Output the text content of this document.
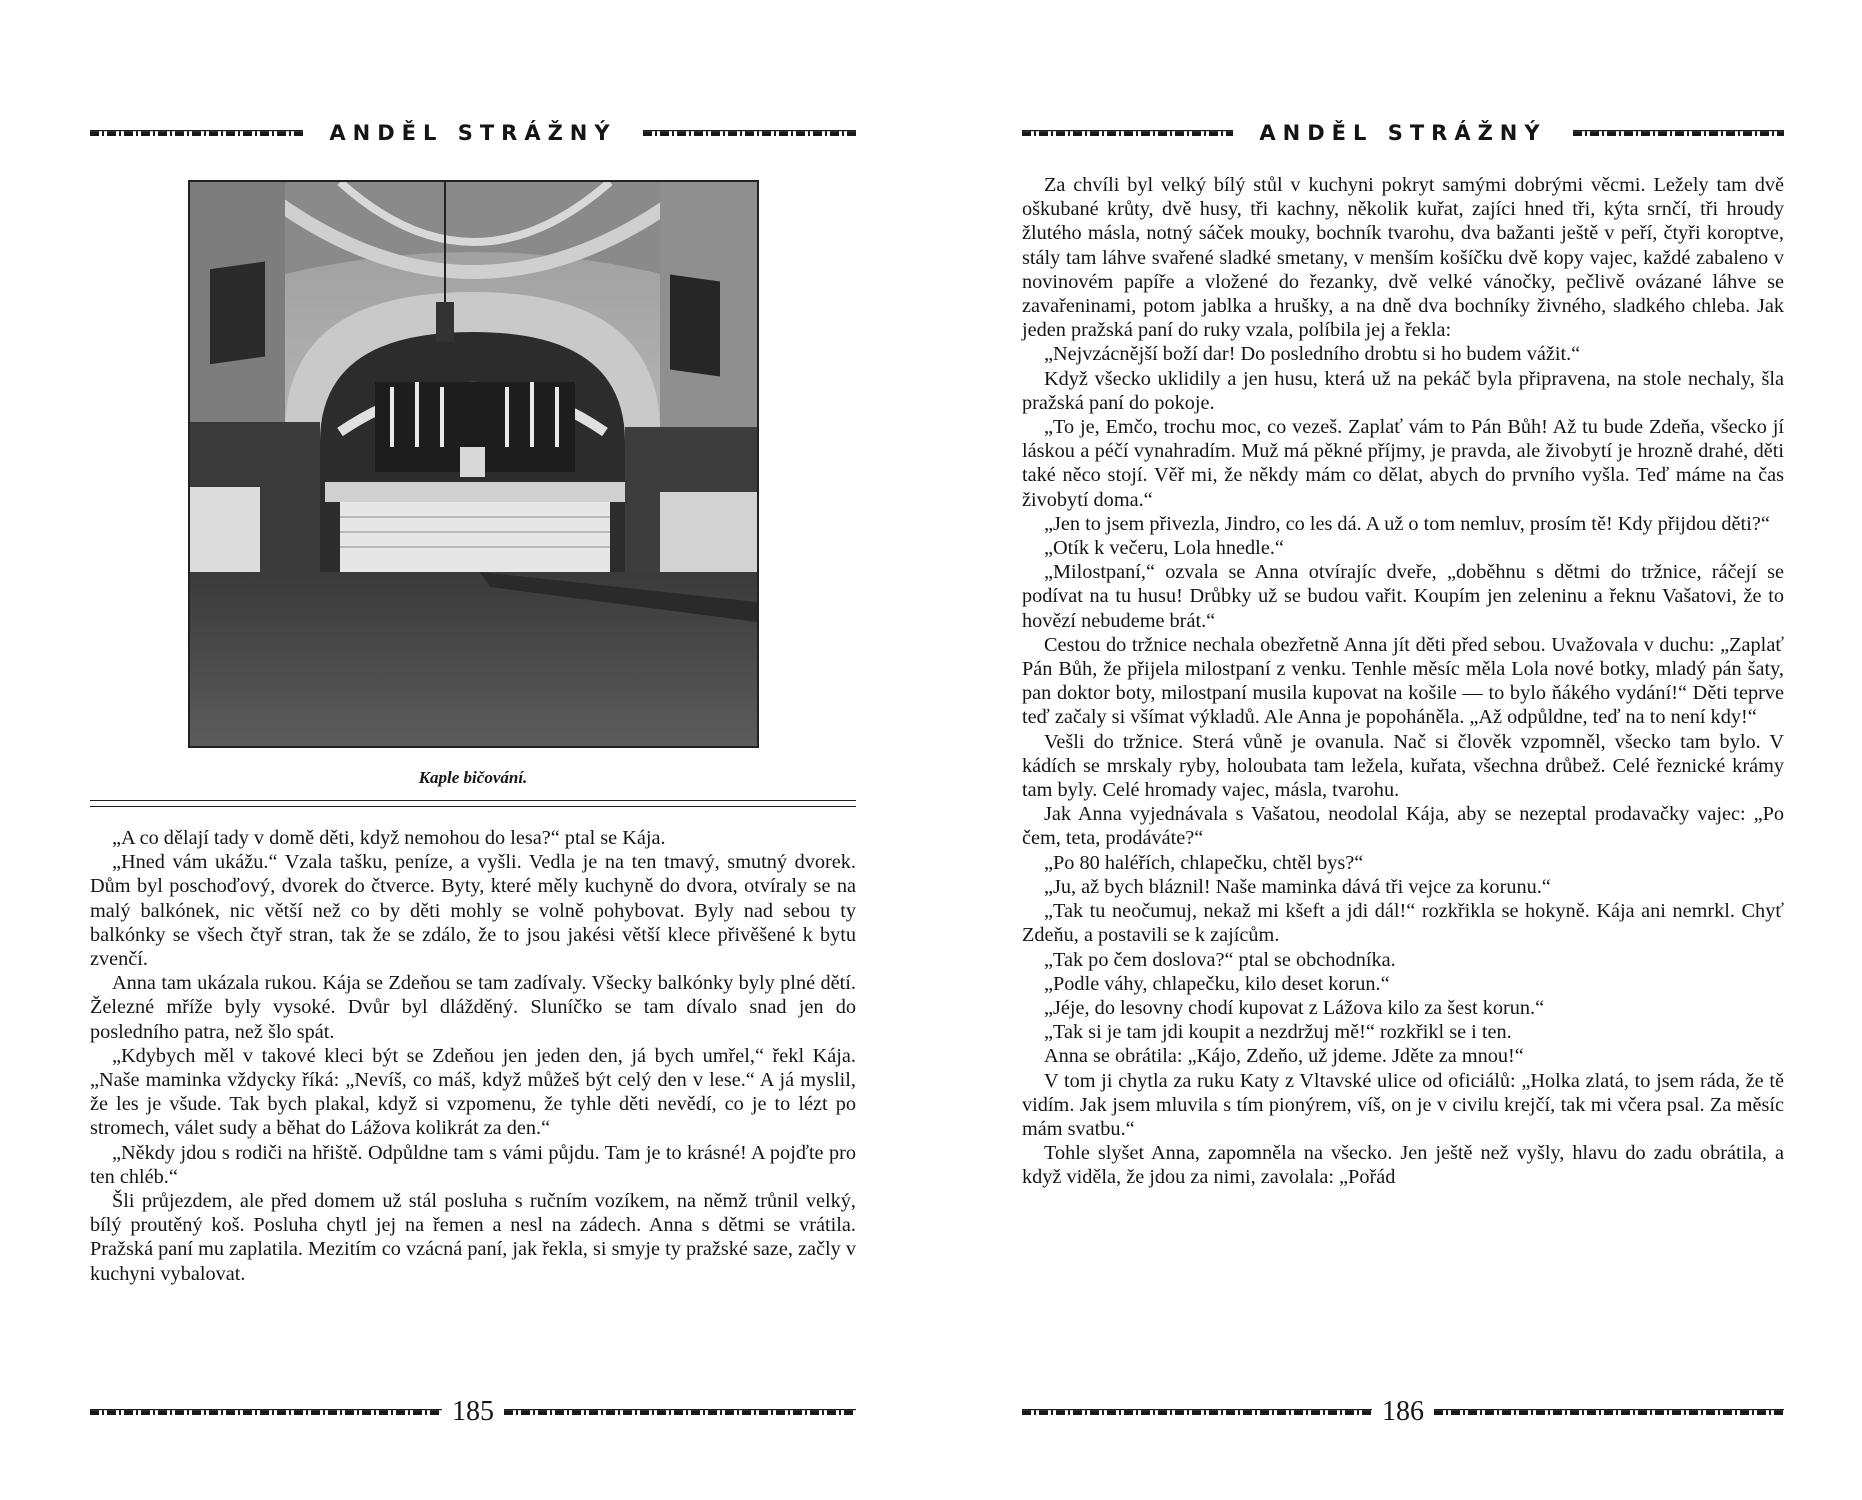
ANDĚL STRÁŽNÝ
Kaple bičování.

„A co dělají tady v domě děti, když nemohou do lesa?“ ptal se Kája.

„Hned vám ukážu.“ Vzala tašku, peníze, a vyšli. Vedla je na ten tmavý, smutný dvorek. Dům byl poschoďový, dvorek do čtverce. Byty, které měly kuchyně do dvora, otvíraly se na malý balkónek, nic větší než co by děti mohly se volně pohybovat. Byly nad sebou ty balkónky se všech čtyř stran, tak že se zdálo, že to jsou jakési větší klece přivěšené k bytu zvenčí.

Anna tam ukázala rukou. Kája se Zdeňou se tam zadívaly. Všecky balkónky byly plné dětí. Železné mříže byly vysoké. Dvůr byl dlážděný. Sluníčko se tam dívalo snad jen do posledního patra, než šlo spát.

„Kdybych měl v takové kleci být se Zdeňou jen jeden den, já bych umřel,“ řekl Kája. „Naše maminka vždycky říká: „Nevíš, co máš, když můžeš být celý den v lese.“ A já myslil, že les je všude. Tak bych plakal, když si vzpomenu, že tyhle děti nevědí, co je to lézt po stromech, válet sudy a běhat do Lážova kolikrát za den.“

„Někdy jdou s rodiči na hřiště. Odpůldne tam s vámi půjdu. Tam je to krásné! A pojďte pro ten chléb.“

Šli průjezdem, ale před domem už stál posluha s ručním vozíkem, na němž trůnil velký, bílý proutěný koš. Posluha chytl jej na řemen a nesl na zádech. Anna s dětmi se vrátila. Pražská paní mu zaplatila. Mezitím co vzácná paní, jak řekla, si smyje ty pražské saze, začly v kuchyni vybalovat.

185
ANDĚL STRÁŽNÝ

Za chvíli byl velký bílý stůl v kuchyni pokryt samými dobrými věcmi. Ležely tam dvě oškubané krůty, dvě husy, tři kachny, několik kuřat, zajíci hned tři, kýta srnčí, tři hroudy žlutého másla, notný sáček mouky, bochník tvarohu, dva bažanti ještě v peří, čtyři koroptve, stály tam láhve svařené sladké smetany, v menším košíčku dvě kopy vajec, každé zabaleno v novinovém papíře a vložené do řezanky, dvě velké vánočky, pečlivě ovázané láhve se zavařeninami, potom jablka a hrušky, a na dně dva bochníky živného, sladkého chleba. Jak jeden pražská paní do ruky vzala, políbila jej a řekla:

„Nejvzácnější boží dar! Do posledního drobtu si ho budem vážit.“

Když všecko uklidily a jen husu, která už na pekáč byla připravena, na stole nechaly, šla pražská paní do pokoje.

„To je, Emčo, trochu moc, co vezeš. Zaplať vám to Pán Bůh! Až tu bude Zdeňa, všecko jí láskou a péčí vynahradím. Muž má pěkné příjmy, je pravda, ale živobytí je hrozně drahé, děti také něco stojí. Věř mi, že někdy mám co dělat, abych do prvního vyšla. Teď máme na čas živobytí doma.“

„Jen to jsem přivezla, Jindro, co les dá. A už o tom nemluv, prosím tě! Kdy přijdou děti?“

„Otík k večeru, Lola hnedle.“

„Milostpaní,“ ozvala se Anna otvírajíc dveře, „doběhnu s dětmi do tržnice, ráčejí se podívat na tu husu! Drůbky už se budou vařit. Koupím jen zeleninu a řeknu Vašatovi, že to hovězí nebudeme brát.“

Cestou do tržnice nechala obezřetně Anna jít děti před sebou. Uvažovala v duchu: „Zaplať Pán Bůh, že přijela milostpaní z venku. Tenhle měsíc měla Lola nové botky, mladý pán šaty, pan doktor boty, milostpaní musila kupovat na košile — to bylo ňákého vydání!“ Děti teprve teď začaly si všímat výkladů. Ale Anna je popoháněla. „Až odpůldne, teď na to není kdy!“

Vešli do tržnice. Sterá vůně je ovanula. Nač si člověk vzpomněl, všecko tam bylo. V kádích se mrskaly ryby, holoubata tam ležela, kuřata, všechna drůbež. Celé řeznické krámy tam byly. Celé hromady vajec, másla, tvarohu.

Jak Anna vyjednávala s Vašatou, neodolal Kája, aby se nezeptal prodavačky vajec: „Po čem, teta, prodáváte?“

„Po 80 haléřích, chlapečku, chtěl bys?“

„Ju, až bych bláznil! Naše maminka dává tři vejce za korunu.“

„Tak tu neočumuj, nekaž mi kšeft a jdi dál!“ rozkřikla se hokyně. Kája ani nemrkl. Chyť Zdeňu, a postavili se k zajícům.

„Tak po čem doslova?“ ptal se obchodníka.

„Podle váhy, chlapečku, kilo deset korun.“

„Jéje, do lesovny chodí kupovat z Lážova kilo za šest korun.“

„Tak si je tam jdi koupit a nezdržuj mě!“ rozkřikl se i ten.

Anna se obrátila: „Kájo, Zdeňo, už jdeme. Jděte za mnou!“

V tom ji chytla za ruku Katy z Vltavské ulice od oficiálů: „Holka zlatá, to jsem ráda, že tě vidím. Jak jsem mluvila s tím pionýrem, víš, on je v civilu krejčí, tak mi včera psal. Za měsíc mám svatbu.“

Tohle slyšet Anna, zapomněla na všecko. Jen ještě než vyšly, hlavu do zadu obrátila, a když viděla, že jdou za nimi, zavolala: „Pořád

186
